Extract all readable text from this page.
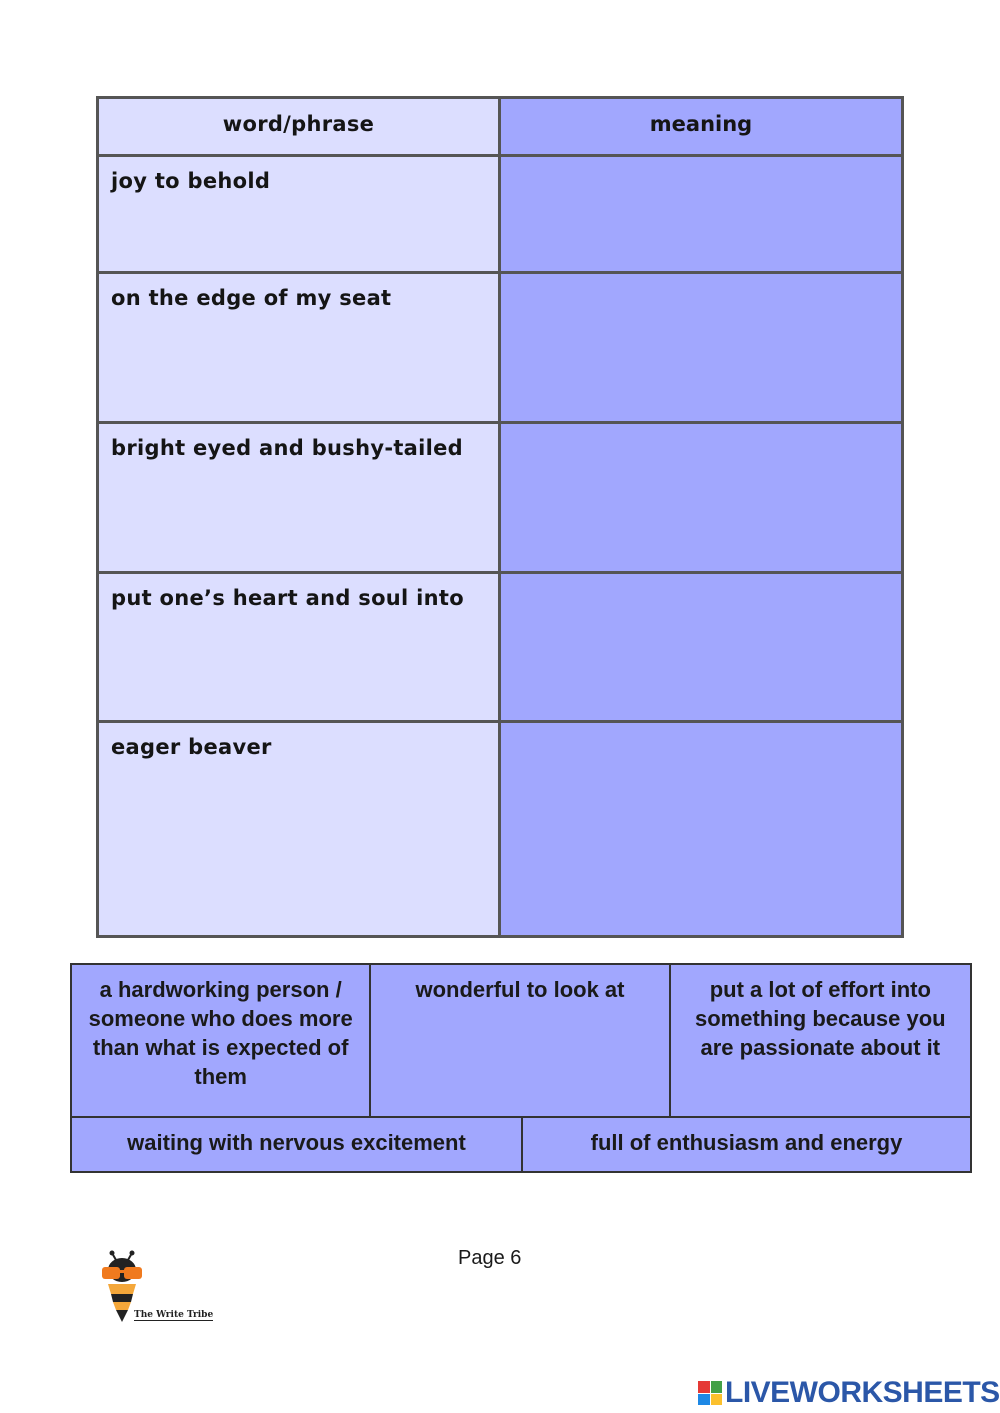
word/phrase	meaning
joy to behold
on the edge of my seat
bright eyed and bushy-tailed
put one’s heart and soul into
eager beaver
a hardworking person / someone who does more than what is expected of them
wonderful to look at	put a lot of effort into something because you are passionate about it
waiting with nervous excitement	full of enthusiasm and energy
Page 6
The Write Tribe
LIVEWORKSHEETS
